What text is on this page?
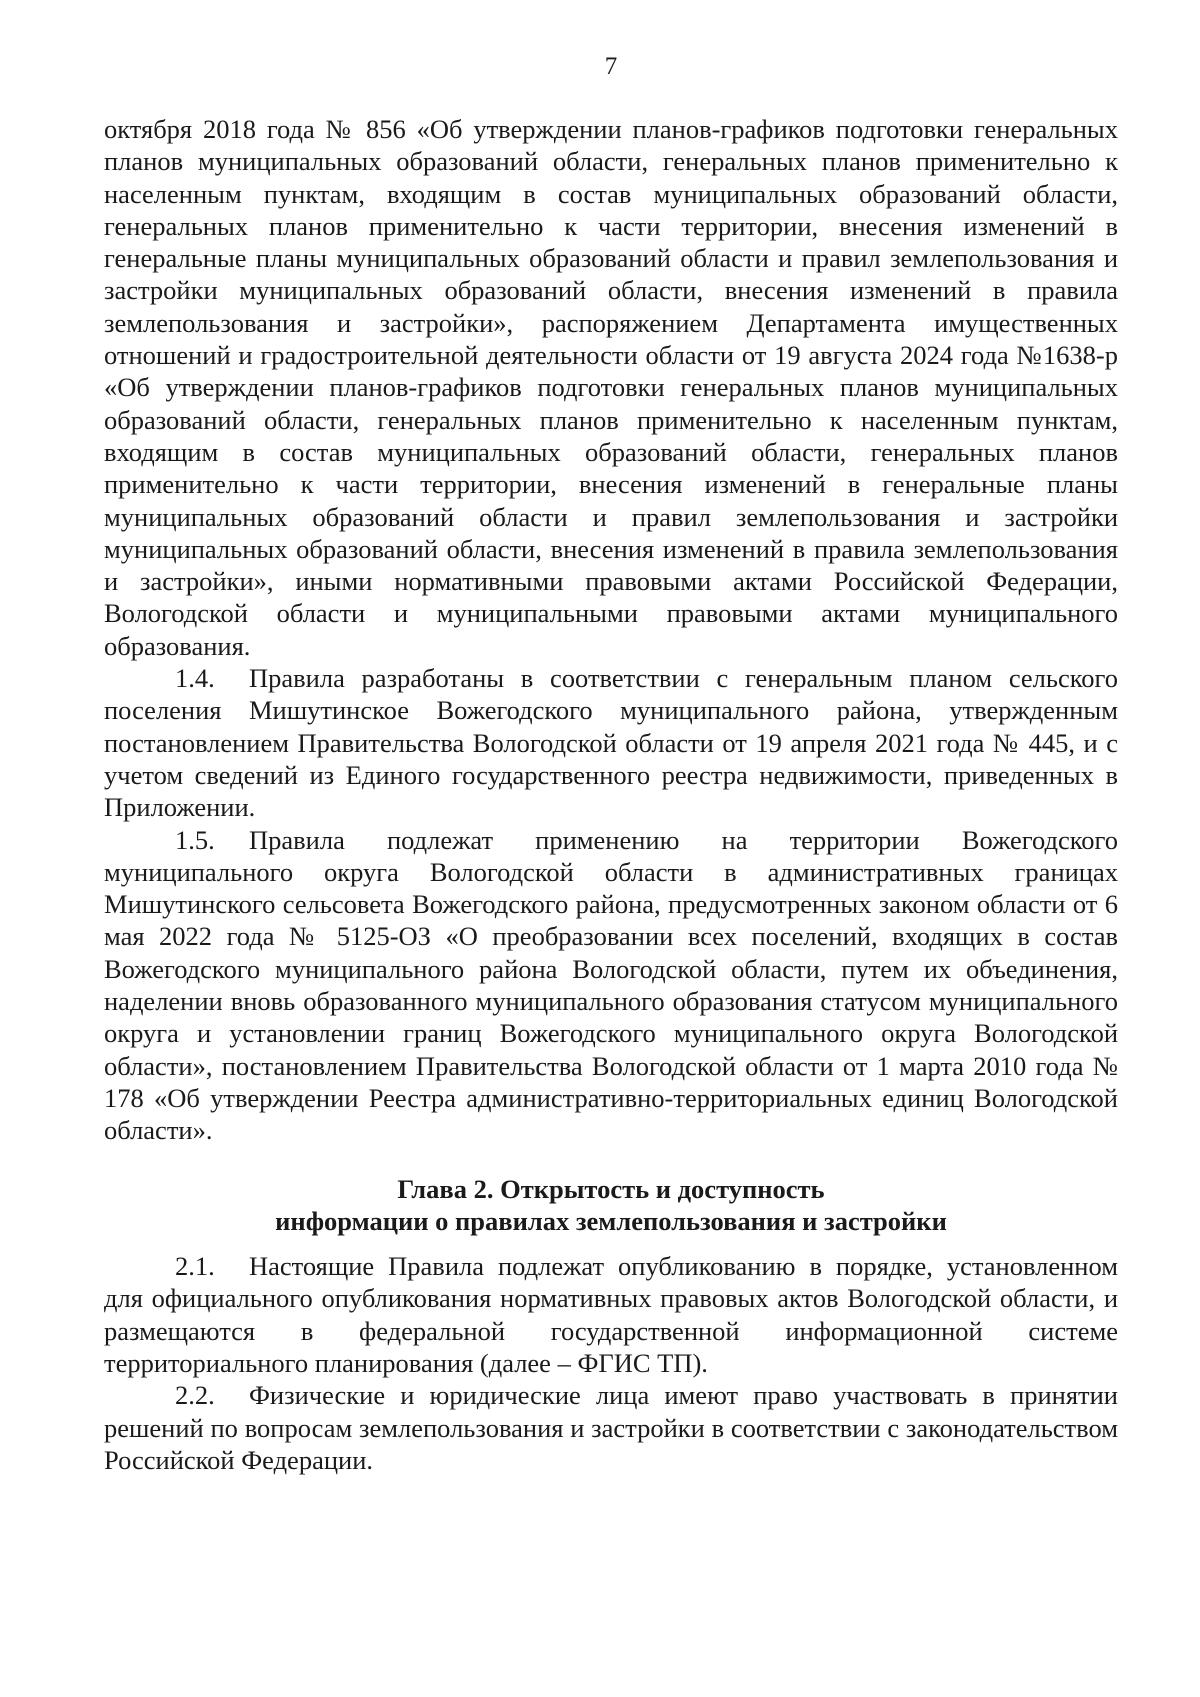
7

октября 2018 года № 856 «Об утверждении планов-графиков подготовки генеральных планов муниципальных образований области, генеральных планов применительно к населенным пунктам, входящим в состав муниципальных образований области, генеральных планов применительно к части территории, внесения изменений в генеральные планы муниципальных образований области и правил землепользования и застройки муниципальных образований области, внесения изменений в правила землепользования и застройки», распоряжением Департамента имущественных отношений и градостроительной деятельности области от 19 августа 2024 года №1638-р «Об утверждении планов-графиков подготовки генеральных планов муниципальных образований области, генеральных планов применительно к населенным пунктам, входящим в состав муниципальных образований области, генеральных планов применительно к части территории, внесения изменений в генеральные планы муниципальных образований области и правил землепользования и застройки муниципальных образований области, внесения изменений в правила землепользования и застройки», иными нормативными правовыми актами Российской Федерации, Вологодской области и муниципальными правовыми актами муниципального образования.

1.4. Правила разработаны в соответствии с генеральным планом сельского поселения Мишутинское Вожегодского муниципального района, утвержденным постановлением Правительства Вологодской области от 19 апреля 2021 года № 445, и с учетом сведений из Единого государственного реестра недвижимости, приведенных в Приложении.

1.5. Правила подлежат применению на территории Вожегодского муниципального округа Вологодской области в административных границах Мишутинского сельсовета Вожегодского района, предусмотренных законом области от 6 мая 2022 года № 5125-ОЗ «О преобразовании всех поселений, входящих в состав Вожегодского муниципального района Вологодской области, путем их объединения, наделении вновь образованного муниципального образования статусом муниципального округа и установлении границ Вожегодского муниципального округа Вологодской области», постановлением Правительства Вологодской области от 1 марта 2010 года № 178 «Об утверждении Реестра административно-территориальных единиц Вологодской области».

Глава 2. Открытость и доступность
информации о правилах землепользования и застройки

2.1. Настоящие Правила подлежат опубликованию в порядке, установленном для официального опубликования нормативных правовых актов Вологодской области, и размещаются в федеральной государственной информационной системе территориального планирования (далее – ФГИС ТП).

2.2. Физические и юридические лица имеют право участвовать в принятии решений по вопросам землепользования и застройки в соответствии с законодательством Российской Федерации.
